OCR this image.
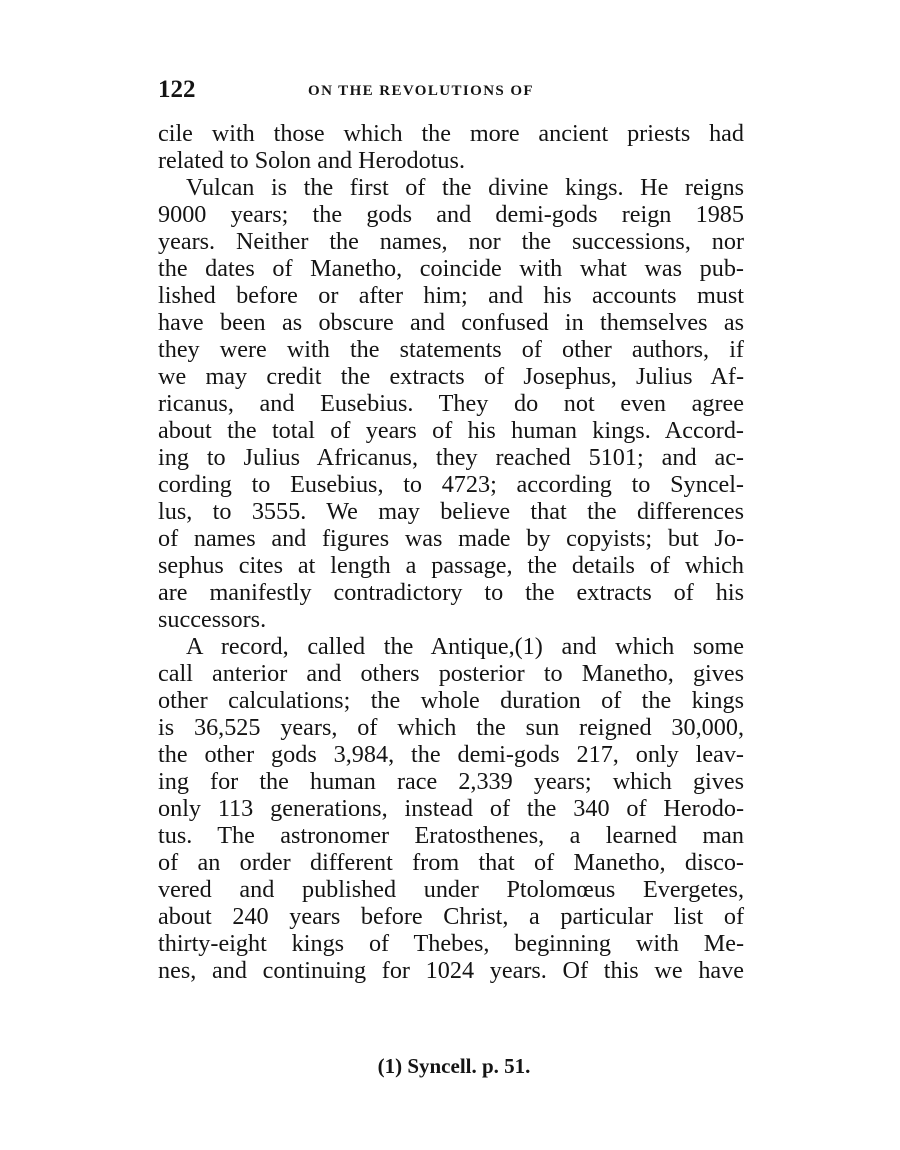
122	ON THE REVOLUTIONS OF
cile with those which the more ancient priests had
related to Solon and Herodotus.
Vulcan is the first of the divine kings. He reigns
9000 years; the gods and demi-gods reign 1985
years. Neither the names, nor the successions, nor
the dates of Manetho, coincide with what was pub-
lished before or after him; and his accounts must
have been as obscure and confused in themselves as
they were with the statements of other authors, if
we may credit the extracts of Josephus, Julius Af-
ricanus, and Eusebius. They do not even agree
about the total of years of his human kings. Accord-
ing to Julius Africanus, they reached 5101; and ac-
cording to Eusebius, to 4723; according to Syncel-
lus, to 3555. We may believe that the differences
of names and figures was made by copyists; but Jo-
sephus cites at length a passage, the details of which
are manifestly contradictory to the extracts of his
successors.
A record, called the Antique,(1) and which some
call anterior and others posterior to Manetho, gives
other calculations; the whole duration of the kings
is 36,525 years, of which the sun reigned 30,000,
the other gods 3,984, the demi-gods 217, only leav-
ing for the human race 2,339 years; which gives
only 113 generations, instead of the 340 of Herodo-
tus. The astronomer Eratosthenes, a learned man
of an order different from that of Manetho, disco-
vered and published under Ptolomœus Evergetes,
about 240 years before Christ, a particular list of
thirty-eight kings of Thebes, beginning with Me-
nes, and continuing for 1024 years. Of this we have
(1) Syncell. p. 51.
